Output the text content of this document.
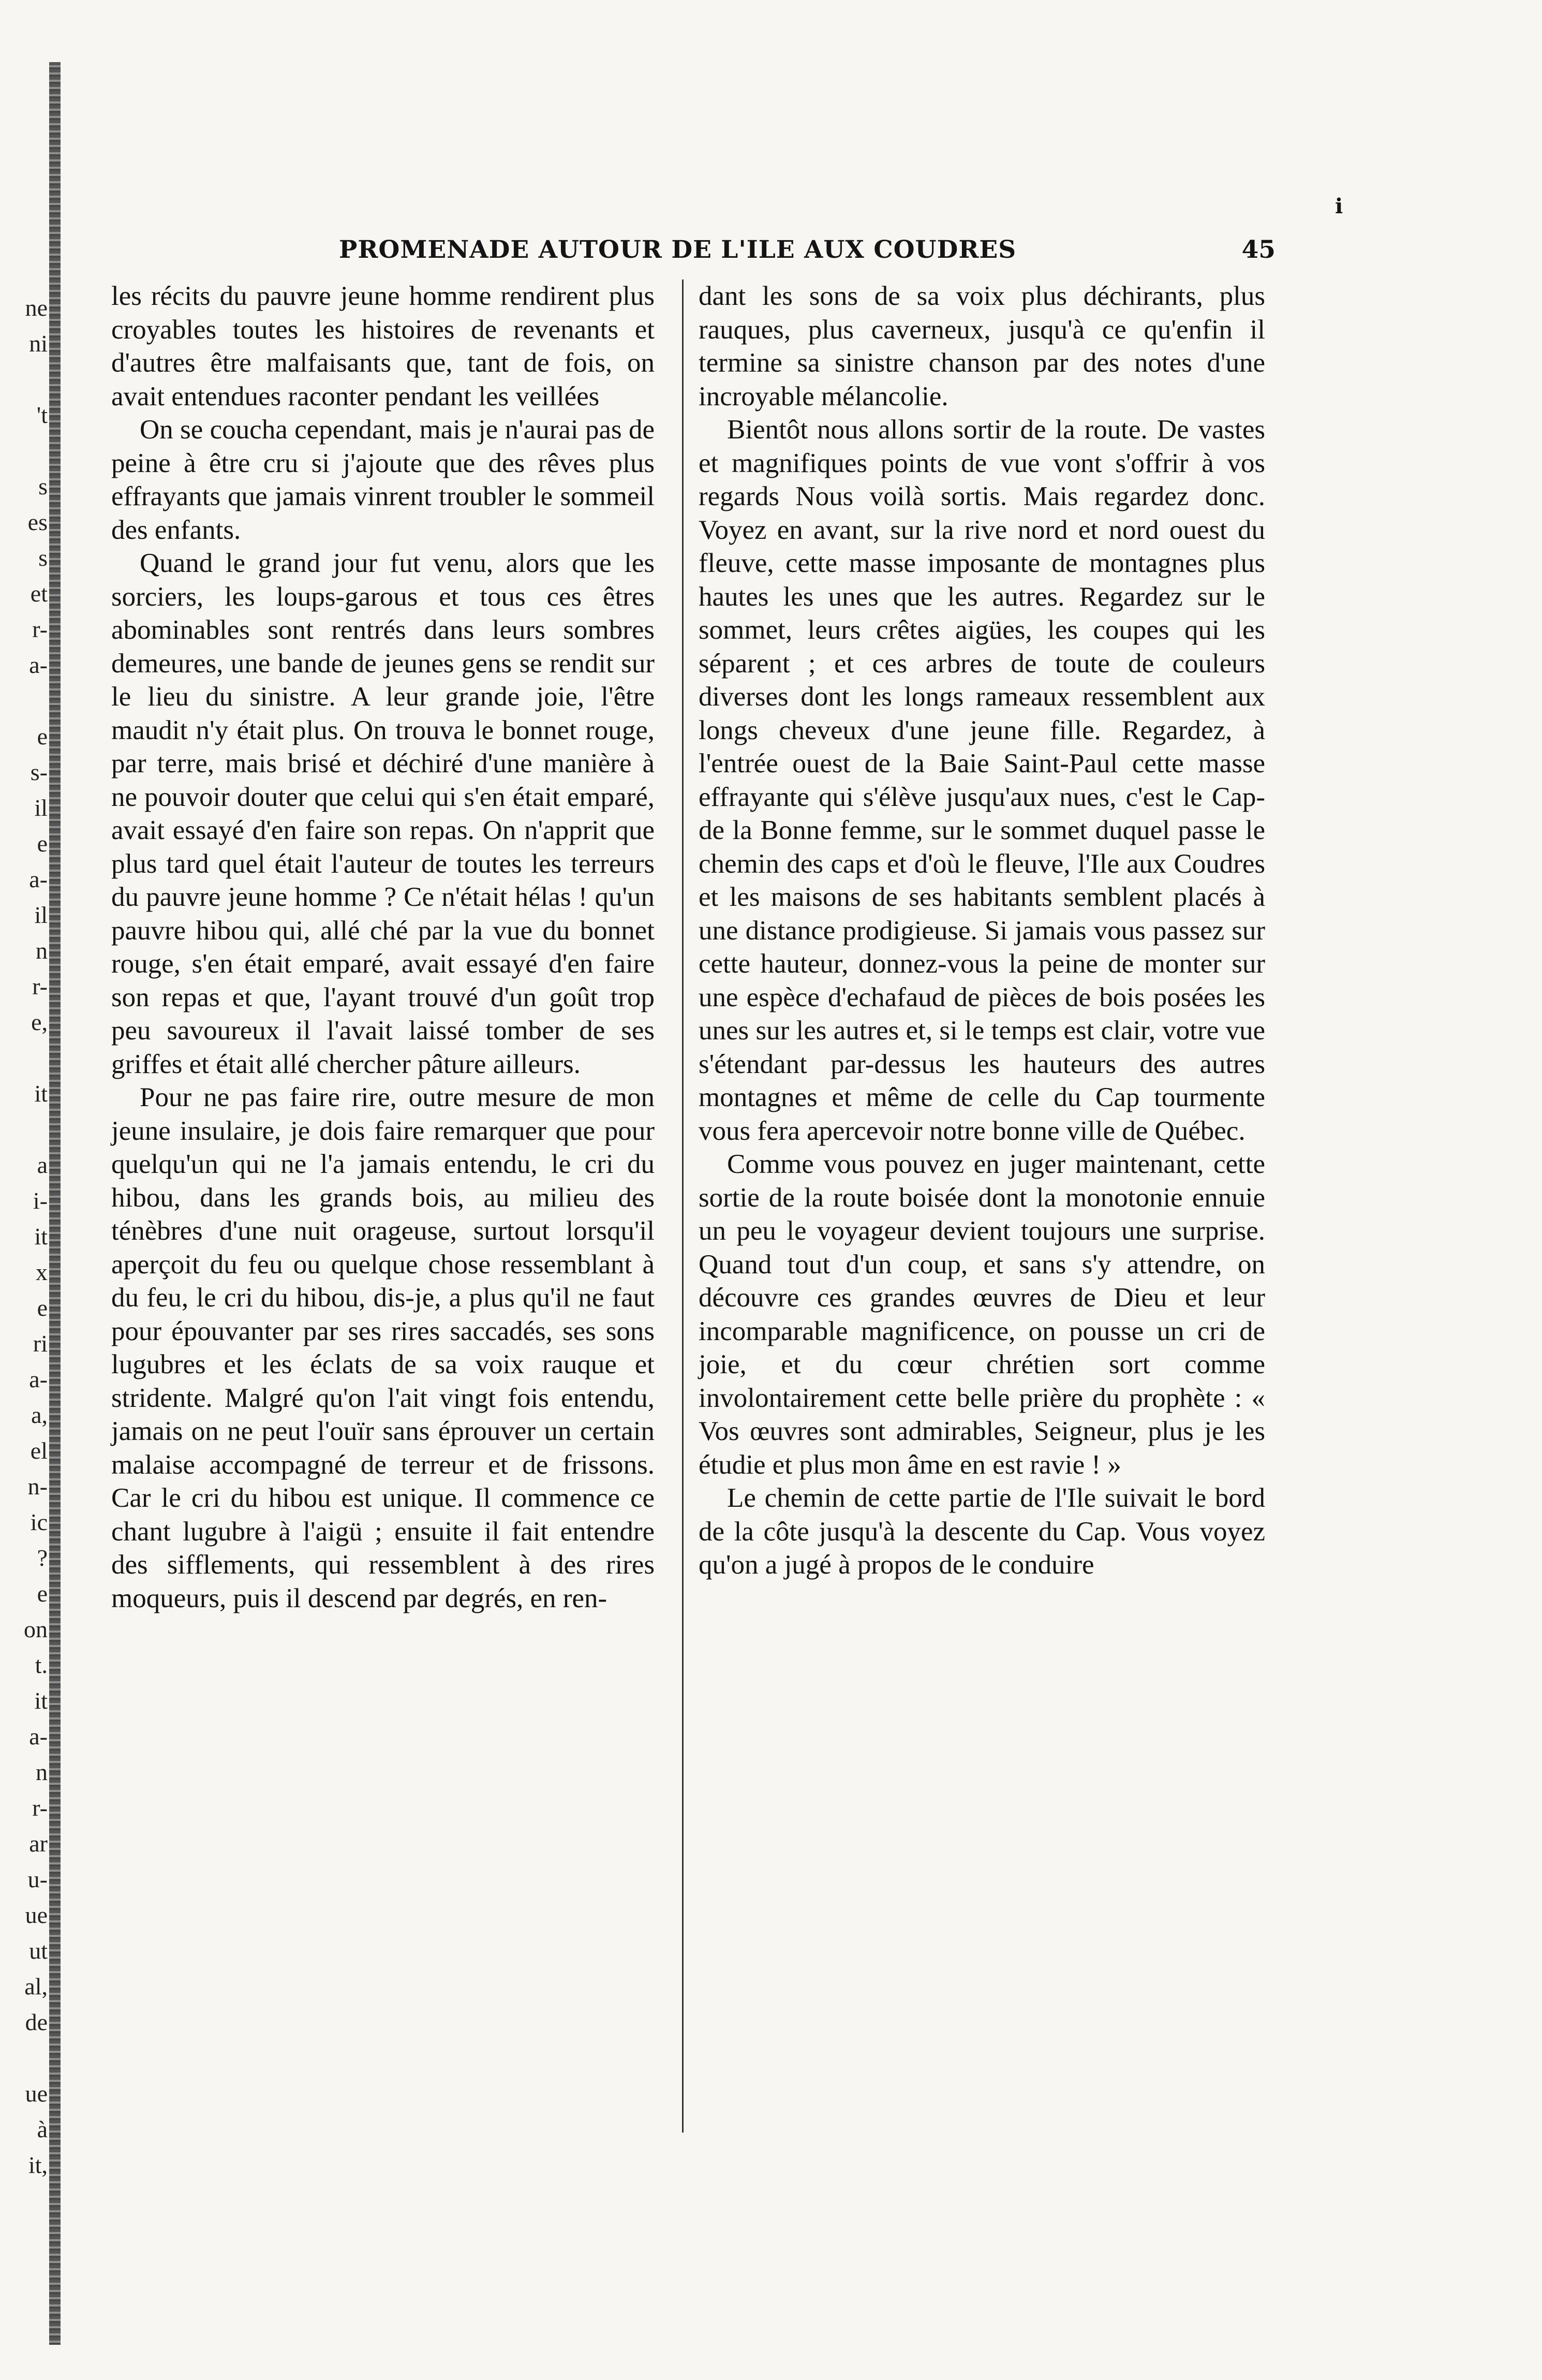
ne
ni
't
s
es
s
et
r-
a-
e
s-
il
e
a-
il
n
r-
e,
it
a
i-
it
x
e
ri
a-
a,
el
n-
ic
?
e
on
t.
it
a-
n
r-
ar
u-
ue
ut
al,
de
ue
à
it,
i
PROMENADE AUTOUR DE L'ILE AUX COUDRES	45

les récits du pauvre jeune homme rendirent plus croyables toutes les histoires de revenants et d'autres être malfaisants que, tant de fois, on avait entendues raconter pendant les veillées

On se coucha cependant, mais je n'aurai pas de peine à être cru si j'ajoute que des rêves plus effrayants que jamais vinrent troubler le sommeil des enfants.

Quand le grand jour fut venu, alors que les sorciers, les loups-garous et tous ces êtres abominables sont rentrés dans leurs sombres demeures, une bande de jeunes gens se rendit sur le lieu du sinistre. A leur grande joie, l'être maudit n'y était plus. On trouva le bonnet rouge, par terre, mais brisé et déchiré d'une manière à ne pouvoir douter que celui qui s'en était emparé, avait essayé d'en faire son repas. On n'apprit que plus tard quel était l'auteur de toutes les terreurs du pauvre jeune homme ? Ce n'était hélas ! qu'un pauvre hibou qui, allé ché par la vue du bonnet rouge, s'en était emparé, avait essayé d'en faire son repas et que, l'ayant trouvé d'un goût trop peu savoureux il l'avait laissé tomber de ses griffes et était allé chercher pâture ailleurs.

Pour ne pas faire rire, outre mesure de mon jeune insulaire, je dois faire remarquer que pour quelqu'un qui ne l'a jamais entendu, le cri du hibou, dans les grands bois, au milieu des ténèbres d'une nuit orageuse, surtout lorsqu'il aperçoit du feu ou quelque chose ressemblant à du feu, le cri du hibou, dis-je, a plus qu'il ne faut pour épouvanter par ses rires saccadés, ses sons lugubres et les éclats de sa voix rauque et stridente. Malgré qu'on l'ait vingt fois entendu, jamais on ne peut l'ouïr sans éprouver un certain malaise accompagné de terreur et de frissons. Car le cri du hibou est unique. Il commence ce chant lugubre à l'aigü ; ensuite il fait entendre des sifflements, qui ressemblent à des rires moqueurs, puis il descend par degrés, en ren-

dant les sons de sa voix plus déchirants, plus rauques, plus caverneux, jusqu'à ce qu'enfin il termine sa sinistre chanson par des notes d'une incroyable mélancolie.

Bientôt nous allons sortir de la route. De vastes et magnifiques points de vue vont s'offrir à vos regards Nous voilà sortis. Mais regardez donc. Voyez en avant, sur la rive nord et nord ouest du fleuve, cette masse imposante de montagnes plus hautes les unes que les autres. Regardez sur le sommet, leurs crêtes aigües, les coupes qui les séparent ; et ces arbres de toute de couleurs diverses dont les longs rameaux ressemblent aux longs cheveux d'une jeune fille. Regardez, à l'entrée ouest de la Baie Saint-Paul cette masse effrayante qui s'élève jusqu'aux nues, c'est le Cap-de la Bonne femme, sur le sommet duquel passe le chemin des caps et d'où le fleuve, l'Ile aux Coudres et les maisons de ses habitants semblent placés à une distance prodigieuse. Si jamais vous passez sur cette hauteur, donnez-vous la peine de monter sur une espèce d'echafaud de pièces de bois posées les unes sur les autres et, si le temps est clair, votre vue s'étendant par-dessus les hauteurs des autres montagnes et même de celle du Cap tourmente vous fera apercevoir notre bonne ville de Québec.

Comme vous pouvez en juger maintenant, cette sortie de la route boisée dont la monotonie ennuie un peu le voyageur devient toujours une surprise. Quand tout d'un coup, et sans s'y attendre, on découvre ces grandes œuvres de Dieu et leur incomparable magnificence, on pousse un cri de joie, et du cœur chrétien sort comme involontairement cette belle prière du prophète : « Vos œuvres sont admirables, Seigneur, plus je les étudie et plus mon âme en est ravie ! »

Le chemin de cette partie de l'Ile suivait le bord de la côte jusqu'à la descente du Cap. Vous voyez qu'on a jugé à propos de le conduire
